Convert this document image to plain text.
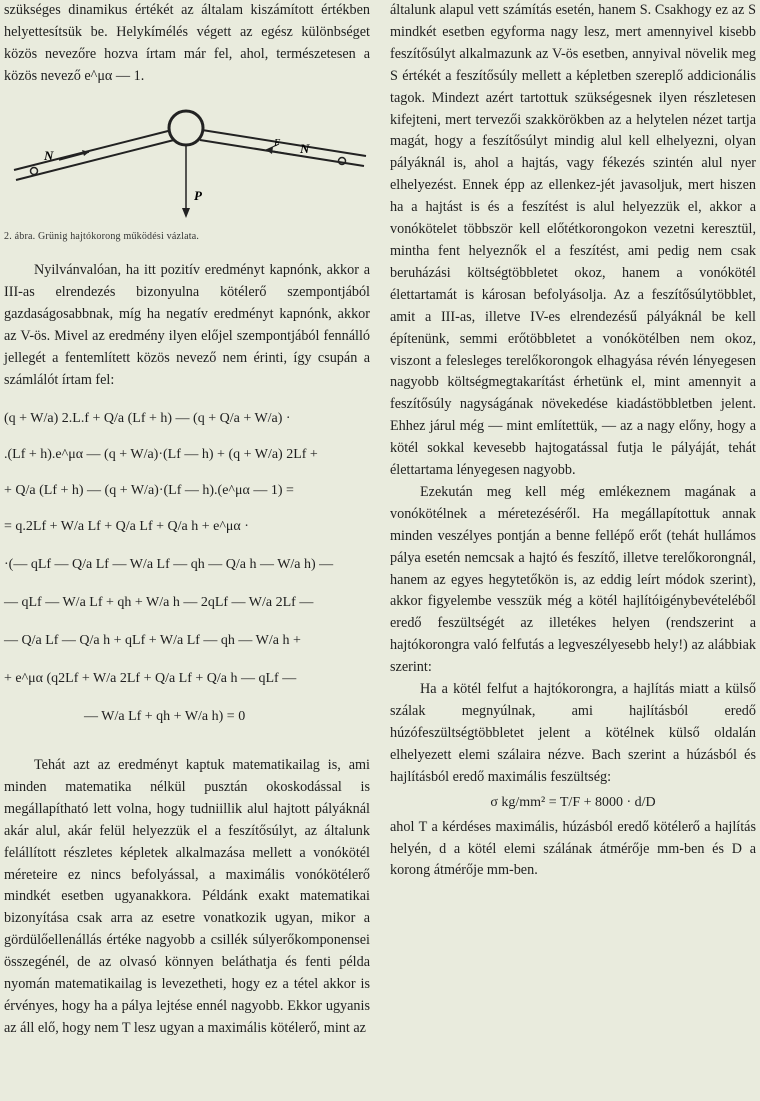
szükséges dinamikus értékét az általam kiszámított értékben helyettesítsük be. Helykímélés végett az egész különbséget közös nevezőre hozva írtam már fel, ahol, természetesen a közös nevező e^μα — 1.

N	N
F
P

2. ábra. Grünig hajtókorong működési vázlata.

Nyilvánvalóan, ha itt pozitív eredményt kapnónk, akkor a III-as elrendezés bizonyulna kötélerő szempontjából gazdaságosabbnak, míg ha negatív eredményt kapnónk, akkor az V-ös. Mivel az eredmény ilyen előjel szempontjából fennálló jellegét a fentemlített közös nevező nem érinti, így csupán a számlálót írtam fel:

(q + W/a) 2.L.f + Q/a (Lf + h) — (q + Q/a + W/a) ·
.(Lf + h).e^μα — (q + W/a)·(Lf — h) + (q + W/a) 2Lf +
+ Q/a (Lf + h) — (q + W/a)·(Lf — h).(e^μα — 1) =
= q.2Lf + W/a Lf + Q/a Lf + Q/a h + e^μα ·
·(— qLf — Q/a Lf — W/a Lf — qh — Q/a h — W/a h) —
— qLf — W/a Lf + qh + W/a h — 2qLf — W/a 2Lf —
— Q/a Lf — Q/a h + qLf + W/a Lf — qh — W/a h +
+ e^μα (q2Lf + W/a 2Lf + Q/a Lf + Q/a h — qLf —
— W/a Lf + qh + W/a h) = 0

Tehát azt az eredményt kaptuk matematikailag is, ami minden matematika nélkül pusztán okoskodással is megállapítható lett volna, hogy tudniillik alul hajtott pályáknál akár alul, akár felül helyezzük el a feszítősúlyt, az általunk felállított részletes képletek alkalmazása mellett a vonókötél méreteire ez nincs befolyással, a maximális vonókötélerő mindkét esetben ugyanakkora. Példánk exakt matematikai bizonyítása csak arra az esetre vonatkozik ugyan, mikor a gördülőellenállás értéke nagyobb a csillék súlyerőkomponensei összegénél, de az olvasó könnyen beláthatja és fenti példa nyomán matematikailag is levezetheti, hogy ez a tétel akkor is érvényes, hogy ha a pálya lejtése ennél nagyobb. Ekkor ugyanis az áll elő, hogy nem T lesz ugyan a maximális kötélerő, mint az

általunk alapul vett számítás esetén, hanem S. Csakhogy ez az S mindkét esetben egyforma nagy lesz, mert amennyivel kisebb feszítősúlyt alkalmazunk az V-ös esetben, annyival növelik meg S értékét a feszítősúly mellett a képletben szereplő addicionális tagok. Mindezt azért tartottuk szükségesnek ilyen részletesen kifejteni, mert tervezői szakkörökben az a helytelen nézet tartja magát, hogy a feszítősúlyt mindig alul kell elhelyezni, olyan pályáknál is, ahol a hajtás, vagy fékezés szintén alul nyer elhelyezést. Ennek épp az ellenkez-jét javasoljuk, mert hiszen ha a hajtást is és a feszítést is alul helyezzük el, akkor a vonókötelet többször kell előtétkorongokon vezetni keresztül, mintha fent helyeznők el a feszítést, ami pedig nem csak beruházási költségtöbbletet okoz, hanem a vonókötél élettartamát is károsan befolyásolja. Az a feszítősúlytöbblet, amit a III-as, illetve IV-es elrendezésű pályáknál be kell építenünk, semmi erőtöbbletet a vonókötélben nem okoz, viszont a felesleges terelőkorongok elhagyása révén lényegesen nagyobb költségmegtakarítást érhetünk el, mint amennyit a feszítősúly nagyságának növekedése kiadástöbbletben jelent. Ehhez járul még — mint említettük, — az a nagy előny, hogy a kötél sokkal kevesebb hajtogatással futja le pályáját, tehát élettartama lényegesen nagyobb.

Ezekután meg kell még emlékeznem magának a vonókötélnek a méretezéséről. Ha megállapítottuk annak minden veszélyes pontján a benne fellépő erőt (tehát hullámos pálya esetén nemcsak a hajtó és feszítő, illetve terelőkorongnál, hanem az egyes hegytetőkön is, az eddig leírt módok szerint), akkor figyelembe vesszük még a kötél hajlítóigénybevételéből eredő feszültségét az illetékes helyen (rendszerint a hajtókorongra való felfutás a legveszélyesebb hely!) az alábbiak szerint:

Ha a kötél felfut a hajtókorongra, a hajlítás miatt a külső szálak megnyúlnak, ami hajlításból eredő húzófeszültségtöbbletet jelent a kötélnek külső oldalán elhelyezett elemi szálaira nézve. Bach szerint a húzásból és hajlításból eredő maximális feszültség:

σ kg/mm² = T/F + 8000 · d/D

ahol T a kérdéses maximális, húzásból eredő kötélerő a hajlítás helyén, d a kötél elemi szálának átmérője mm-ben és D a korong átmérője mm-ben.
